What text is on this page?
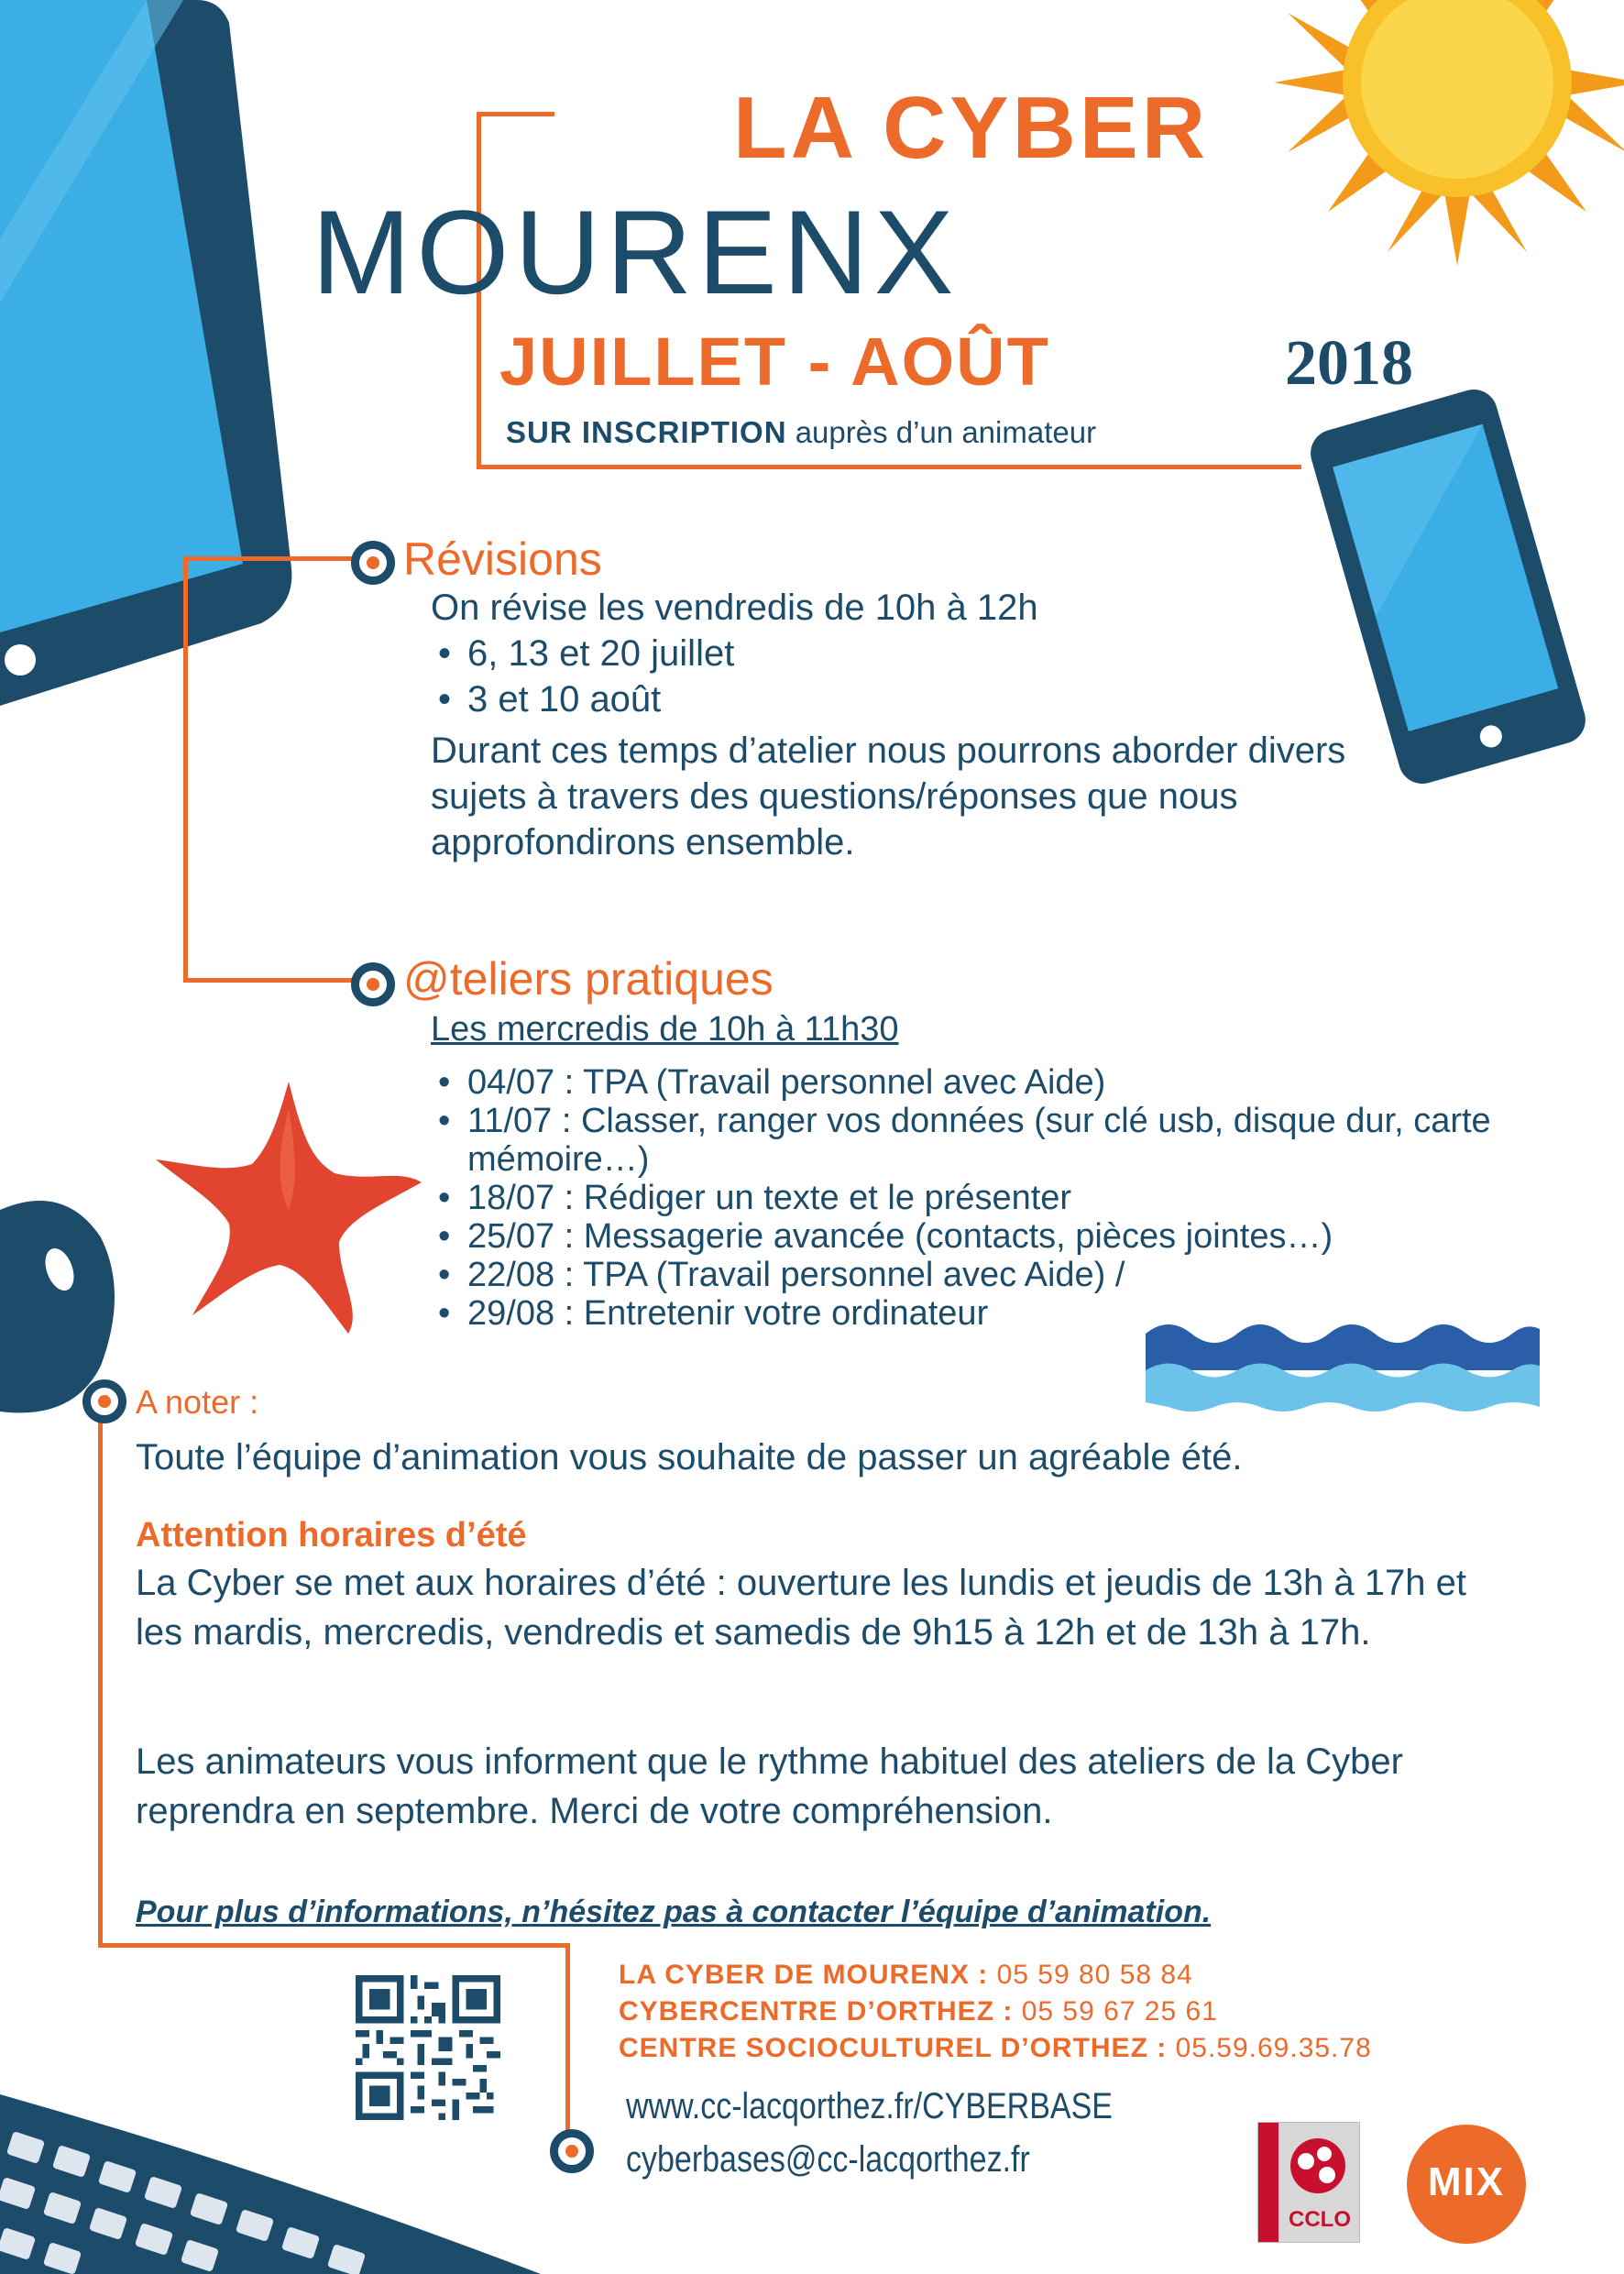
LA CYBER
MOURENX
JUILLET - AOÛT	2018
SUR INSCRIPTION auprès d’un animateur
Révisions
On révise les vendredis de 10h à 12h
• 6, 13 et 20 juillet
• 3 et 10 août
Durant ces temps d’atelier nous pourrons aborder divers sujets à travers des questions/réponses que nous approfondirons ensemble.
@teliers pratiques
Les mercredis de 10h à 11h30
• 04/07 : TPA (Travail personnel avec Aide)
• 11/07 : Classer, ranger vos données (sur clé usb, disque dur, carte mémoire…)
• 18/07 : Rédiger un texte et le présenter
• 25/07 : Messagerie avancée (contacts, pièces jointes…)
• 22/08 : TPA (Travail personnel avec Aide) /
• 29/08 : Entretenir votre ordinateur
A noter :
Toute l’équipe d’animation vous souhaite de passer un agréable été.
Attention horaires d’été
La Cyber se met aux horaires d’été : ouverture les lundis et jeudis de 13h à 17h et les mardis, mercredis, vendredis et samedis de 9h15 à 12h et de 13h à 17h.
Les animateurs vous informent que le rythme habituel des ateliers de la Cyber reprendra en septembre. Merci de votre compréhension.
Pour plus d’informations, n’hésitez pas à contacter l’équipe d’animation.
LA CYBER DE MOURENX : 05 59 80 58 84
CYBERCENTRE D’ORTHEZ : 05 59 67 25 61
CENTRE SOCIOCULTUREL D’ORTHEZ : 05.59.69.35.78
www.cc-lacqorthez.fr/CYBERBASE
cyberbases@cc-lacqorthez.fr
CCLO
MIX
